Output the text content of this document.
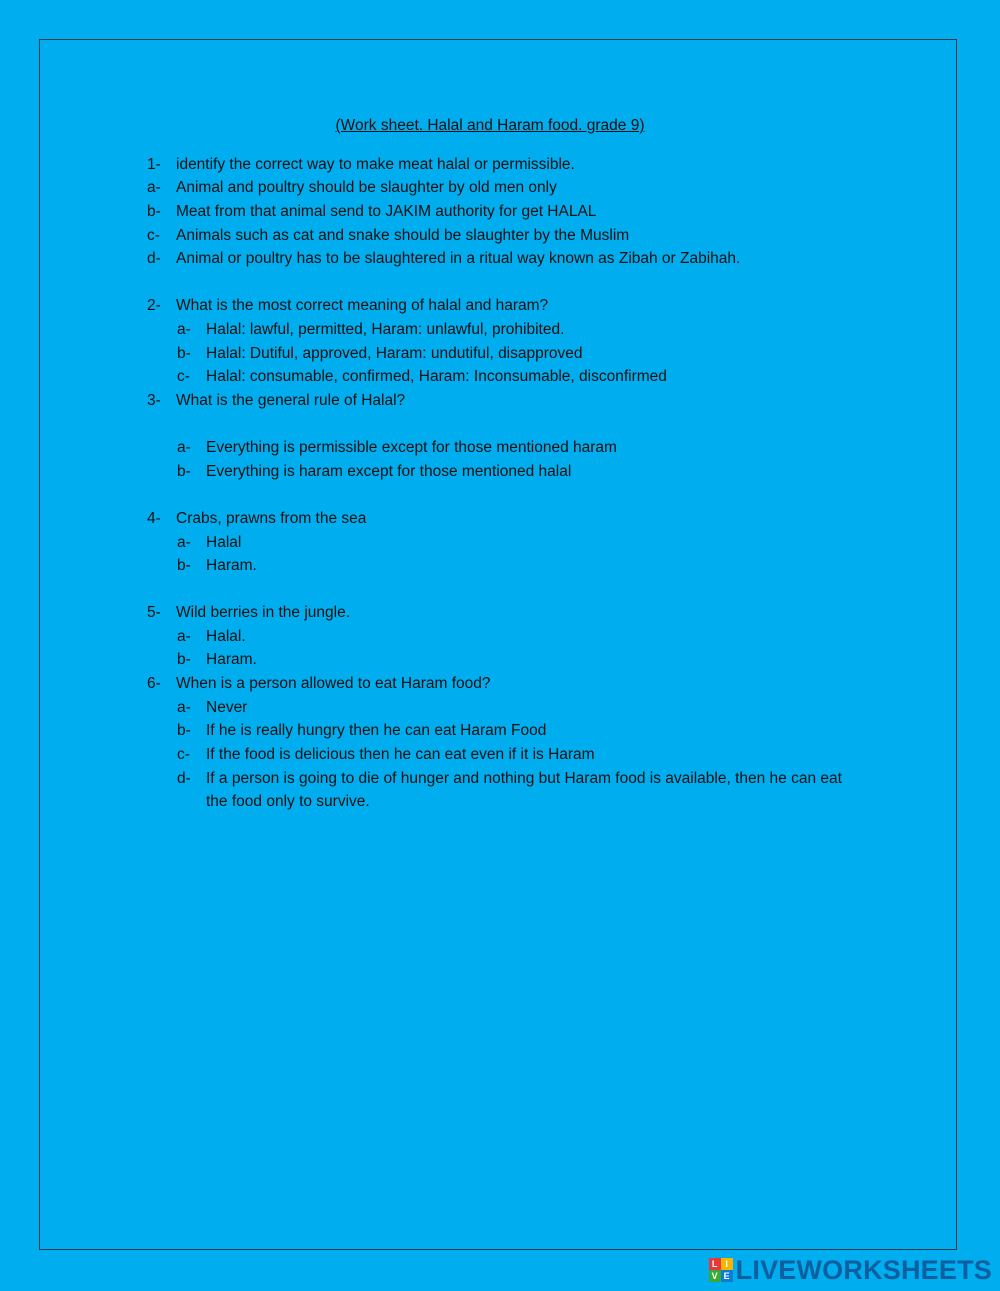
(Work sheet. Halal and Haram food. grade 9)
1- identify the correct way to make meat halal or permissible.
a- Animal and poultry should be slaughter by old men only
b- Meat from that animal send to JAKIM authority for get HALAL
c- Animals such as cat and snake should be slaughter by the Muslim
d- Animal or poultry has to be slaughtered in a ritual way known as Zibah or Zabihah.
2- What is the most correct meaning of halal and haram?
a- Halal: lawful, permitted, Haram: unlawful, prohibited.
b- Halal: Dutiful, approved, Haram: undutiful, disapproved
c- Halal: consumable, confirmed, Haram: Inconsumable, disconfirmed
3- What is the general rule of Halal?
a- Everything is permissible except for those mentioned haram
b- Everything is haram except for those mentioned halal
4- Crabs, prawns from the sea
a- Halal
b- Haram.
5- Wild berries in the jungle.
a- Halal.
b- Haram.
6- When is a person allowed to eat Haram food?
a- Never
b- If he is really hungry then he can eat Haram Food
c- If the food is delicious then he can eat even if it is Haram
d- If a person is going to die of hunger and nothing but Haram food is available, then he can eat
the food only to survive.
L I
V E LIVEWORKSHEETS
